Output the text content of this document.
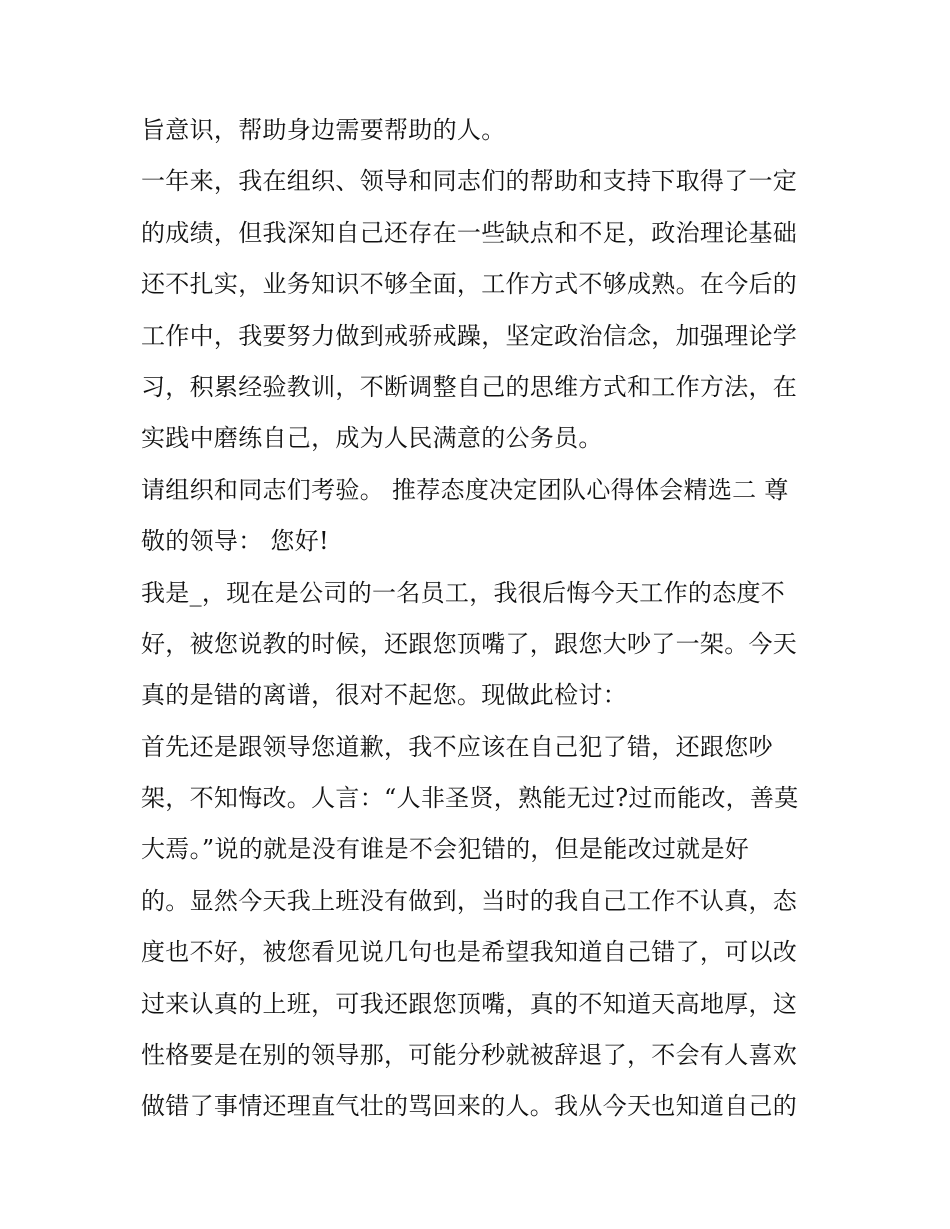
旨意识，帮助身边需要帮助的人。
一年来，我在组织、领导和同志们的帮助和支持下取得了一定
的成绩，但我深知自己还存在一些缺点和不足，政治理论基础
还不扎实，业务知识不够全面，工作方式不够成熟。在今后的
工作中，我要努力做到戒骄戒躁，坚定政治信念，加强理论学
习，积累经验教训，不断调整自己的思维方式和工作方法，在
实践中磨练自己，成为人民满意的公务员。
请组织和同志们考验。 推荐态度决定团队心得体会精选二 尊
敬的领导： 您好!
我是_，现在是公司的一名员工，我很后悔今天工作的态度不
好，被您说教的时候，还跟您顶嘴了，跟您大吵了一架。今天
真的是错的离谱，很对不起您。现做此检讨：
首先还是跟领导您道歉，我不应该在自己犯了错，还跟您吵
架，不知悔改。人言：“人非圣贤，熟能无过?过而能改，善莫
大焉。”说的就是没有谁是不会犯错的，但是能改过就是好
的。显然今天我上班没有做到，当时的我自己工作不认真，态
度也不好，被您看见说几句也是希望我知道自己错了，可以改
过来认真的上班，可我还跟您顶嘴，真的不知道天高地厚，这
性格要是在别的领导那，可能分秒就被辞退了，不会有人喜欢
做错了事情还理直气壮的骂回来的人。我从今天也知道自己的
